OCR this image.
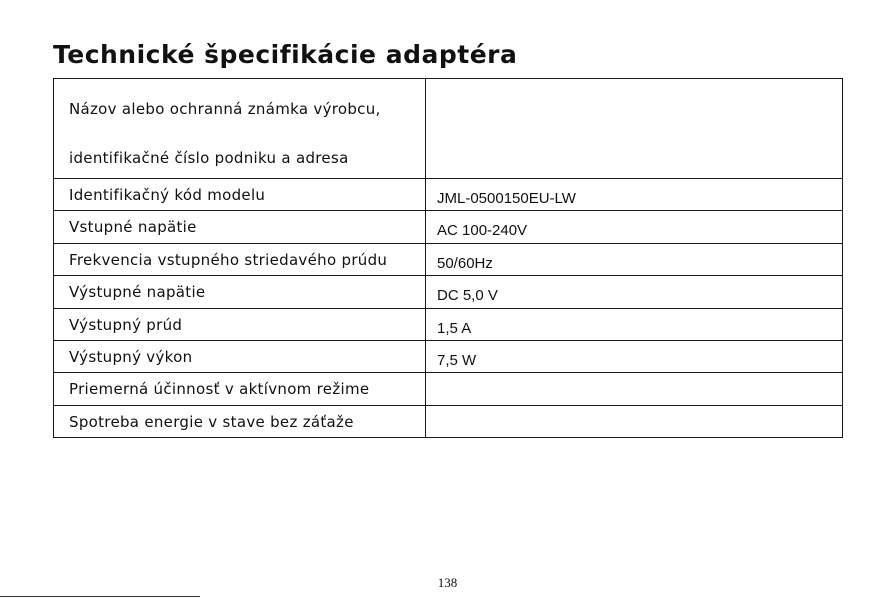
Technické špecifikácie adaptéra
Názov alebo ochranná známka výrobcu,
identifikačné číslo podniku a adresa	

Identifikačný kód modelu	JML-0500150EU-LW

Vstupné napätie	AC 100-240V

Frekvencia vstupného striedavého prúdu	50/60Hz

Výstupné napätie	DC 5,0 V

Výstupný prúd	1,5 A

Výstupný výkon	7,5 W

Priemerná účinnosť v aktívnom režime	

Spotreba energie v stave bez záťaže	

138
